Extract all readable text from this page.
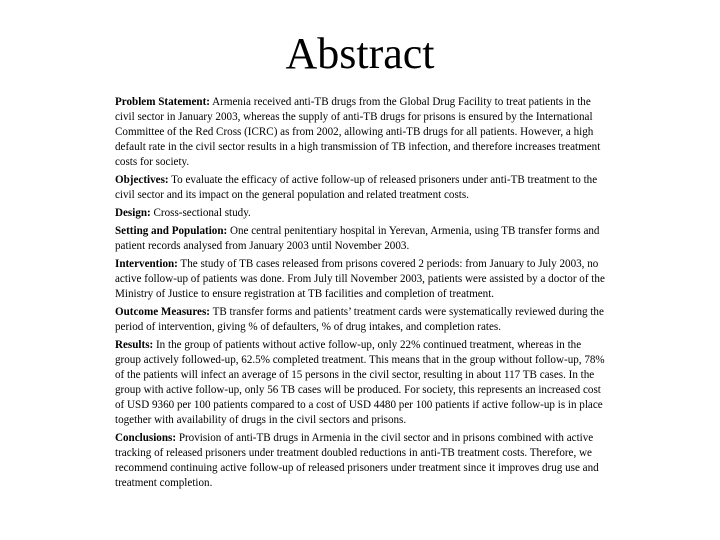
Abstract

Problem Statement: Armenia received anti-TB drugs from the Global Drug Facility to treat patients in the civil sector in January 2003, whereas the supply of anti-TB drugs for prisons is ensured by the International Committee of the Red Cross (ICRC) as from 2002, allowing anti-TB drugs for all patients. However, a high default rate in the civil sector results in a high transmission of TB infection, and therefore increases treatment costs for society.

Objectives: To evaluate the efficacy of active follow-up of released prisoners under anti-TB treatment to the civil sector and its impact on the general population and related treatment costs.

Design: Cross-sectional study.

Setting and Population: One central penitentiary hospital in Yerevan, Armenia, using TB transfer forms and patient records analysed from January 2003 until November 2003.

Intervention: The study of TB cases released from prisons covered 2 periods: from January to July 2003, no active follow-up of patients was done. From July till November 2003, patients were assisted by a doctor of the Ministry of Justice to ensure registration at TB facilities and completion of treatment.

Outcome Measures: TB transfer forms and patients’ treatment cards were systematically reviewed during the period of intervention, giving % of defaulters, % of drug intakes, and completion rates.

Results: In the group of patients without active follow-up, only 22% continued treatment, whereas in the group actively followed-up, 62.5% completed treatment. This means that in the group without follow-up, 78% of the patients will infect an average of 15 persons in the civil sector, resulting in about 117 TB cases. In the group with active follow-up, only 56 TB cases will be produced. For society, this represents an increased cost of USD 9360 per 100 patients compared to a cost of USD 4480 per 100 patients if active follow-up is in place together with availability of drugs in the civil sectors and prisons.

Conclusions: Provision of anti-TB drugs in Armenia in the civil sector and in prisons combined with active tracking of released prisoners under treatment doubled reductions in anti-TB treatment costs. Therefore, we recommend continuing active follow-up of released prisoners under treatment since it improves drug use and treatment completion.
